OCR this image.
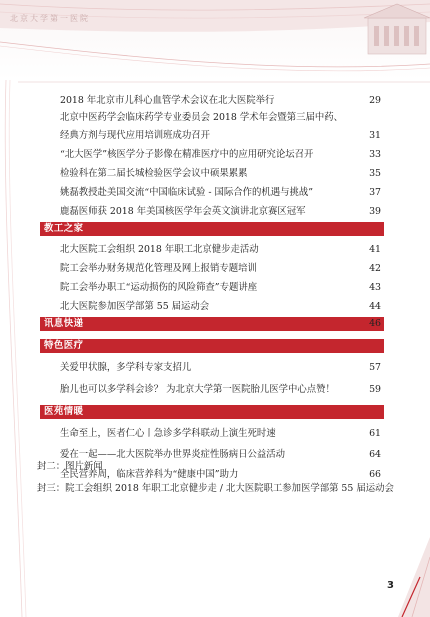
北京大学第一医院
2018 年北京市儿科心血管学术会议在北大医院举行	29
北京中医药学会临床药学专业委员会 2018 学术年会暨第三届中药、
经典方剂与现代应用培训班成功召开	31
“北大医学”核医学分子影像在精准医疗中的应用研究论坛召开	33
检验科在第二届长城检验医学会议中硕果累累	35
姚磊教授赴美国交流“中国临床试验 - 国际合作的机遇与挑战”	37
鹿磊医师获 2018 年美国核医学年会英文演讲北京赛区冠军	39
教工之家
北大医院工会组织 2018 年职工北京健步走活动	41
院工会举办财务规范化管理及网上报销专题培训	42
院工会举办职工“运动损伤的风险筛查”专题讲座	43
北大医院参加医学部第 55 届运动会	44
讯息快递	46
特色医疗
关爱甲状腺，多学科专家支招儿	57
胎儿也可以多学科会诊？ 为北京大学第一医院胎儿医学中心点赞！	59
医苑情暖
生命至上，医者仁心丨急诊多学科联动上演生死时速	61
爱在一起——北大医院举办世界炎症性肠病日公益活动	64
全民营养周，临床营养科为“健康中国”助力	66
封二：图片新闻
封三：院工会组织 2018 年职工北京健步走 / 北大医院职工参加医学部第 55 届运动会
3
